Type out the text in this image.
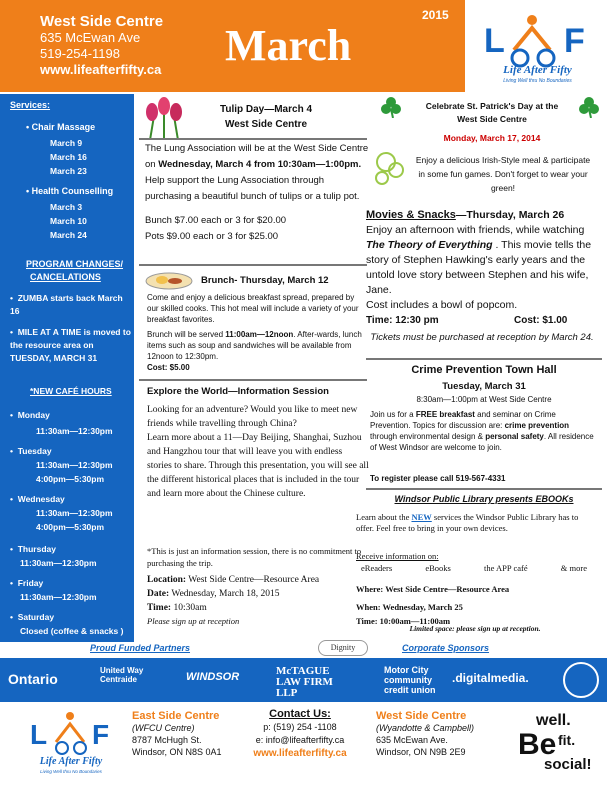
West Side Centre
635 McEwan Ave
519-254-1198
www.lifeafterfifty.ca March
2015
L F
Life After Fifty
Living Well thru No Boundaries
Services:
• Chair Massage
March 9
March 16
March 23
• Health Counselling
March 3
March 10
March 24
PROGRAM CHANGES/
CANCELATIONS
•  ZUMBA starts back March 16
•  MILE AT A TIME is moved to the resource area on TUESDAY, MARCH 31
*NEW CAFÉ HOURS
•  Monday
11:30am—12:30pm
•  Tuesday
11:30am—12:30pm
4:00pm—5:30pm
•  Wednesday
11:30am—12:30pm
4:00pm—5:30pm
•  Thursday
11:30am—12:30pm
•  Friday
11:30am—12:30pm
•  Saturday
Closed (coffee & snacks )
Tulip Day—March 4
West Side Centre
The Lung Association will be at the West Side Centre on Wednesday, March 4 from 10:30am—1:00pm. Help support the Lung Association through purchasing a beautiful bunch of tulips or a tulip pot.
Bunch $7.00 each or 3 for $20.00
Pots $9.00 each or 3 for $25.00
Brunch- Thursday, March 12
Come and enjoy a delicious breakfast spread, prepared by our skilled cooks. This hot meal will include a variety of your breakfast favorites.
Brunch will be served 11:00am—12noon. After-wards, lunch items such as soup and sandwiches will be available from 12noon to 12:30pm.
Cost: $5.00
Explore the World—Information Session
Looking for an adventure? Would you like to meet new friends while travelling through China?
Learn more about a 11—Day Beijing, Shanghai, Suzhou and Hangzhou tour that will leave you with endless stories to share. Through this presentation, you will see all the different historical places that is included in the tour and learn more about the Chinese culture.
*This is just an information session, there is no commitment to purchasing the trip.
Location: West Side Centre—Resource Area
Date: Wednesday, March 18, 2015
Time: 10:30am
Please sign up at reception
Celebrate St. Patrick's Day at the
West Side Centre
Monday, March 17, 2014
Enjoy a delicious Irish-Style meal & participate in some fun games. Don't forget to wear your green!
Movies & Snacks—Thursday, March 26
Enjoy an afternoon with friends, while watching The Theory of Everything . This movie tells the story of Stephen Hawking's early years and the untold love story between Stephen and his wife, Jane.
Cost includes a bowl of popcom.
Time: 12:30 pm	Cost: $1.00
Tickets must be purchased at reception by March 24.
Crime Prevention Town Hall
Tuesday, March 31
8:30am—1:00pm at West Side Centre
Join us for a FREE breakfast and seminar on Crime Prevention. Topics for discussion are: crime prevention through environmental design & personal safety. All residence of West Windsor are welcome to join.
To register please call 519-567-4331
Windsor Public Library presents EBOOKs
Learn about the NEW services the Windsor Public Library has to offer. Feel free to bring in your own devices.
Receive information on:
eReaders	eBooks	the APP café	& more
Where: West Side Centre—Resource Area
When: Wednesday, March 25
Time: 10:00am—11:00am
Limited space: please sign up at reception.
Proud Funded Partners	Dignity	Corporate Sponsors
Ontario
United Way Centraide	WINDSOR	McTAGUE LAW FIRM LLP
Motor City community credit union
.digitalmedia.
L F
Life After Fifty
Living Well thru No Boundaries
East Side Centre
(WFCU Centre)
8787 McHugh St.
Windsor, ON N8S 0A1
Contact Us:
p: (519) 254 -1108
e: info@lifeafterfifty.ca
www.lifeafterfifty.ca
West Side Centre
(Wyandotte & Campbell)
635 McEwan Ave.
Windsor, ON N9B 2E9
well.
Be fit.
social!
